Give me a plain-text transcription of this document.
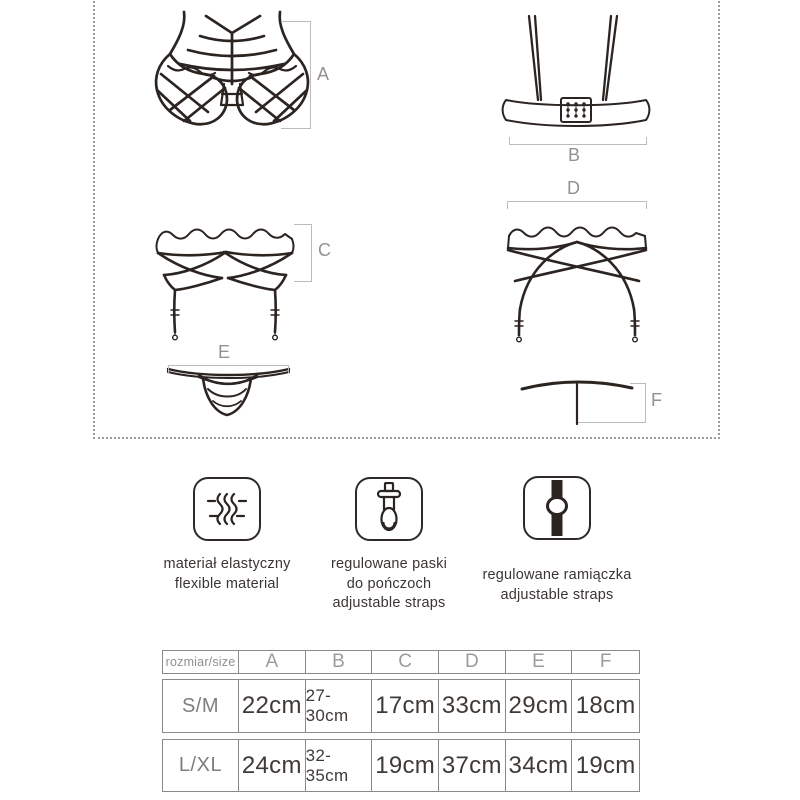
A
B
C
D
E
F
materiał elastyczny
flexible material
regulowane paski
do pończoch
adjustable straps
regulowane ramiączka
adjustable straps
rozmiar/size	A	B	C	D	E	F
S/M 22cm 27-30cm	17cm 33cm 29cm 18cm
L/XL 24cm 32-35cm	19cm 37cm 34cm 19cm
